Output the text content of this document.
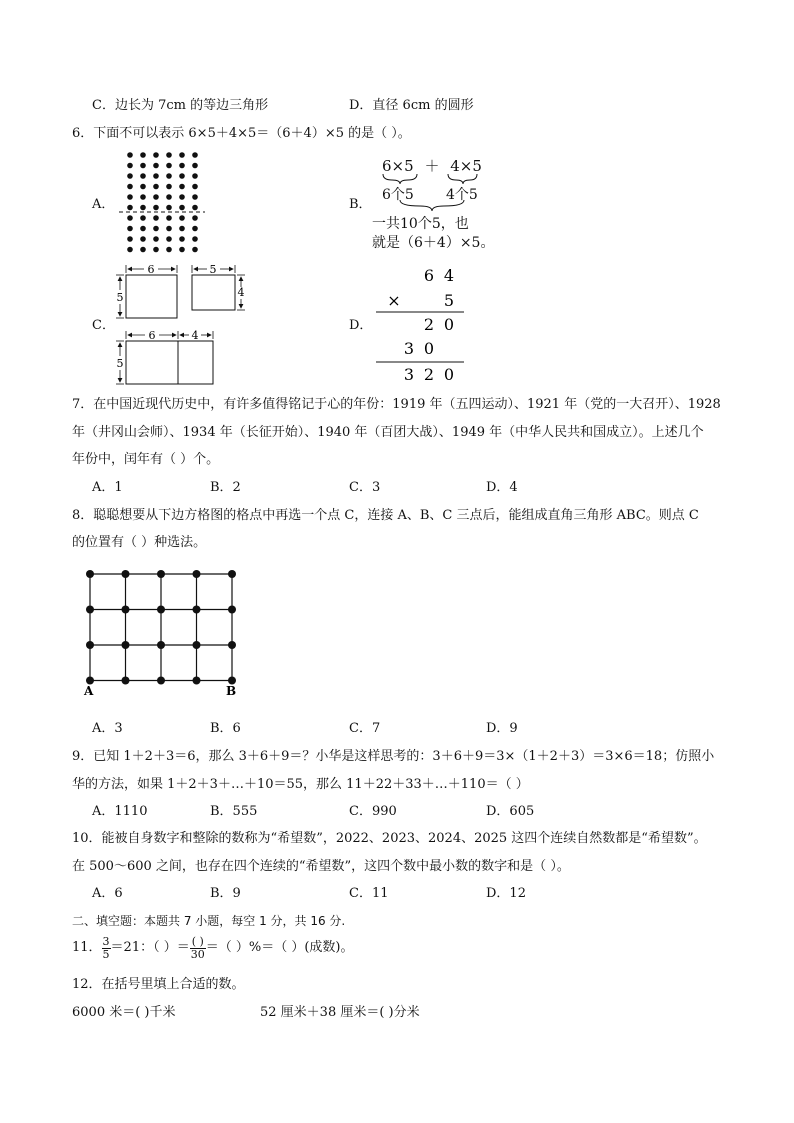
C．边长为 7cm 的等边三角形	D．直径 6cm 的圆形
6．下面不可以表示 6×5＋4×5＝（6＋4）×5 的是（ ）。
A．	B．
6×5 ＋ 4×5
6个5 4个5
一共10个5，也
就是（6＋4）×5。
C．
6
5
5
4
6	4
5
D．
6 4
×	5
2 0
3 0
3 2 0
7．在中国近现代历史中，有许多值得铭记于心的年份：1919 年（五四运动）、1921 年（党的一大召开）、1928
年（井冈山会师）、1934 年（长征开始）、1940 年（百团大战）、1949 年（中华人民共和国成立）。上述几个
年份中，闰年有（ ）个。
A．1	B．2	C．3	D．4
8．聪聪想要从下边方格图的格点中再选一个点 C，连接 A、B、C 三点后，能组成直角三角形 ABC。则点 C
的位置有（ ）种选法。
A	B
A．3	B．6	C．7	D．9
9．已知 1＋2＋3＝6，那么 3＋6＋9＝？小华是这样思考的：3＋6＋9＝3×（1＋2＋3）＝3×6＝18；仿照小
华的方法，如果 1＋2＋3＋…＋10＝55，那么 11＋22＋33＋…＋110＝（ ）
A．1110	B．555	C．990	D．605
10．能被自身数字和整除的数称为“希望数”，2022、2023、2024、2025 这四个连续自然数都是“希望数”。
在 500～600 之间，也存在四个连续的“希望数”，这四个数中最小数的数字和是（ ）。
A．6	B．9	C．11	D．12
二、填空题：本题共 7 小题，每空 1 分，共 16 分.
11． $\frac{3}{5} =21$：（ ）＝ $\frac{( )}{30}$ ＝（ ）%＝（ ）(成数)。
12．在括号里填上合适的数。
6000 米＝( )千米	52 厘米＋38 厘米＝( )分米
